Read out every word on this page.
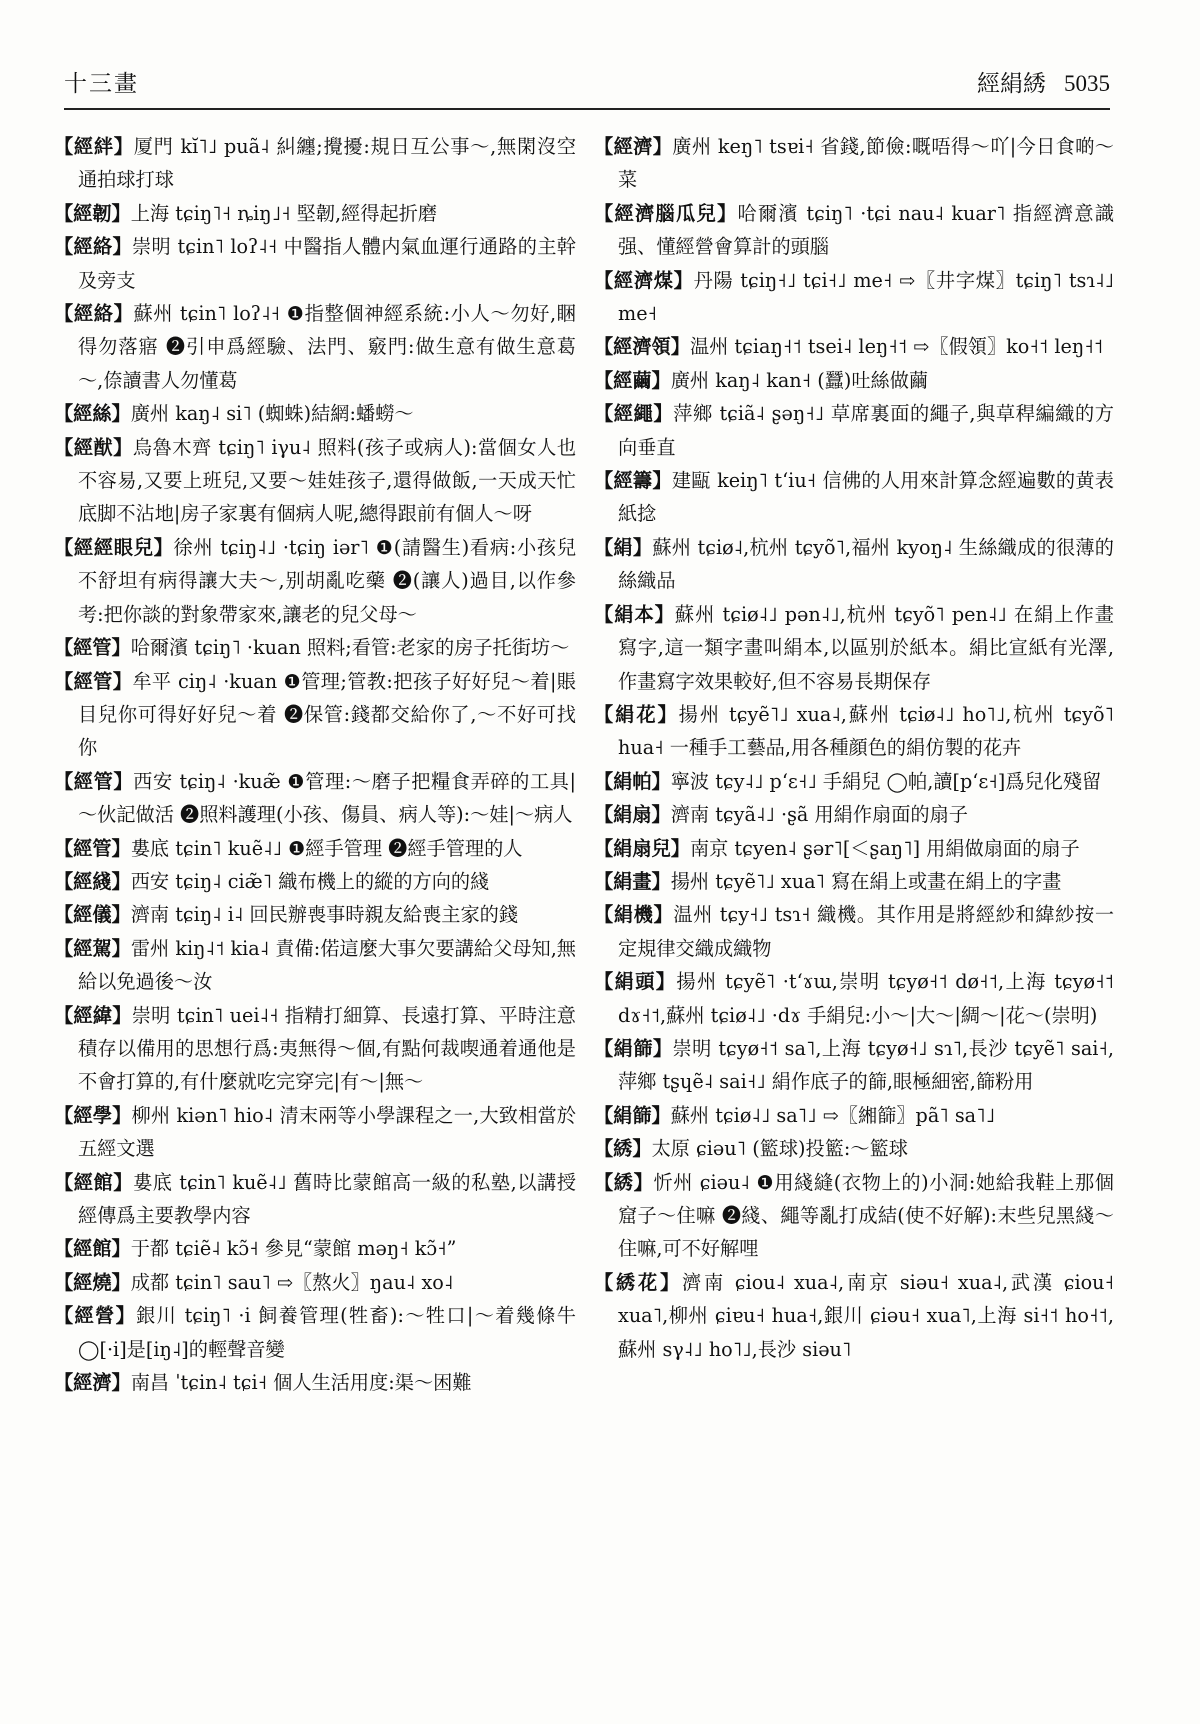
十三畫	經絹綉 5035

【經絆】厦門 kĭ˥˩ puã˨ 糾纏;攪擾:規日互公事～,無閑沒空通拍球打球

【經韌】上海 tɕiŋ˥˧ ȵiŋ˩˧ 堅韌,經得起折磨

【經絡】崇明 tɕin˥ loʔ˨˧ 中醫指人體内氣血運行通路的主幹及旁支

【經絡】蘇州 tɕin˥ loʔ˨˧ ❶指整個神經系統:小人～勿好,睏得勿落寤 ❷引申爲經驗、法門、竅門:做生意有做生意葛～,倷讀書人勿懂葛

【經絲】廣州 kaŋ˨ si˥ (蜘蛛)結網:蟠蟧～

【經猷】烏魯木齊 tɕiŋ˥ iγu˨ 照料(孩子或病人):當個女人也不容易,又要上班兒,又要～娃娃孩子,還得做飯,一天成天忙底脚不沾地|房子家裏有個病人呢,總得跟前有個人～呀

【經經眼兒】徐州 tɕiŋ˨˩ ·tɕiŋ iər˥ ❶(請醫生)看病:小孩兒不舒坦有病得讓大夫～,别胡亂吃藥 ❷(讓人)過目,以作參考:把你談的對象帶家來,讓老的兒父母～

【經管】哈爾濱 tɕiŋ˥ ·kuan 照料;看管:老家的房子托街坊～

【經管】牟平 ciŋ˨ ·kuan ❶管理;管教:把孩子好好兒～着|賬目兒你可得好好兒～着 ❷保管:錢都交給你了,～不好可找你

【經管】西安 tɕiŋ˨ ·kuæ̃ ❶管理:～磨子把糧食弄碎的工具|～伙記做活 ❷照料護理(小孩、傷員、病人等):～娃|～病人

【經管】婁底 tɕin˥ kuẽ˨˩ ❶經手管理 ❷經手管理的人

【經綫】西安 tɕiŋ˨ ciæ̃˥ 織布機上的縱的方向的綫

【經儀】濟南 tɕiŋ˨ i˨ 回民辦喪事時親友給喪主家的錢

【經駕】雷州 kiŋ˨˦ kia˨ 責備:偌這麼大事欠要講給父母知,無給以免過後～汝

【經緯】崇明 tɕin˥ uei˨˧ 指精打細算、長遠打算、平時注意積存以備用的思想行爲:夷無得～個,有點何裁喫通着通他是不會打算的,有什麼就吃完穿完|有～|無～

【經學】柳州 kiən˥ hio˨ 清末兩等小學課程之一,大致相當於五經文選

【經館】婁底 tɕin˥ kuẽ˨˩ 舊時比蒙館高一級的私塾,以講授經傳爲主要教學内容

【經館】于都 tɕiẽ˨ kɔ̃˧ 參見“蒙館 məŋ˧ kɔ̃˧”

【經燒】成都 tɕin˥ sau˥ ⇨〖熬火〗ŋau˨ xo˨

【經營】銀川 tɕiŋ˥ ·i 飼養管理(牲畜):～牲口|～着幾條牛 ◯[·i]是[iŋ˨]的輕聲音變

【經濟】南昌 ˈtɕin˨ tɕi˧ 個人生活用度:渠～困難

【經濟】廣州 keŋ˥ tsɐi˧ 省錢,節儉:嘅唔得～吖|今日食啲～菜

【經濟腦瓜兒】哈爾濱 tɕiŋ˥ ·tɕi nau˨ kuar˥ 指經濟意識强、懂經營會算計的頭腦

【經濟煤】丹陽 tɕiŋ˧˩ tɕi˧˩ me˧ ⇨〖井字煤〗tɕiŋ˥ tsɿ˨˩ me˧

【經濟領】温州 tɕiaŋ˧˦ tsei˨ leŋ˧˦ ⇨〖假領〗ko˧˦ leŋ˧˦

【經繭】廣州 kaŋ˨ kan˧ (蠶)吐絲做繭

【經繩】萍鄉 tɕiã˨ ʂəŋ˧˩ 草席裏面的繩子,與草稈編織的方向垂直

【經籌】建甌 keiŋ˥ tʻiu˧ 信佛的人用來計算念經遍數的黄表紙捻

【絹】蘇州 tɕiø˨,杭州 tɕyõ˥,福州 kyoŋ˨ 生絲織成的很薄的絲織品

【絹本】蘇州 tɕiø˨˩ pən˨˩,杭州 tɕyõ˥ pen˨˩ 在絹上作畫寫字,這一類字畫叫絹本,以區别於紙本。絹比宣紙有光澤,作畫寫字效果較好,但不容易長期保存

【絹花】揚州 tɕyẽ˥˩ xua˨,蘇州 tɕiø˨˩ ho˥˩,杭州 tɕyõ˥ hua˧ 一種手工藝品,用各種顔色的絹仿製的花卉

【絹帕】寧波 tɕy˨˩ pʻɛ˧˩ 手絹兒 ◯帕,讀[pʻɛ˧]爲兒化殘留

【絹扇】濟南 tɕyã˨˩ ·ʂã 用絹作扇面的扇子

【絹扇兒】南京 tɕyen˨ ʂər˥[＜ʂaŋ˥] 用絹做扇面的扇子

【絹畫】揚州 tɕyẽ˥˩ xua˥ 寫在絹上或畫在絹上的字畫

【絹機】温州 tɕy˧˩ tsɿ˧ 織機。其作用是將經紗和緯紗按一定規律交織成織物

【絹頭】揚州 tɕyẽ˥ ·tʻɤɯ,崇明 tɕyø˧˦ dø˧˦,上海 tɕyø˧˦ dɤ˧˦,蘇州 tɕiø˨˩ ·dɤ 手絹兒:小～|大～|綢～|花～(崇明)

【絹篩】崇明 tɕyø˧˦ sa˥,上海 tɕyø˧˩ sɿ˥,長沙 tɕyẽ˥ sai˧,萍鄉 tʂɥẽ˨ sai˧˩ 絹作底子的篩,眼極細密,篩粉用

【絹篩】蘇州 tɕiø˨˩ sa˥˩ ⇨〖緗篩〗pã˥ sa˥˩

【綉】太原 ɕiəu˥ (籃球)投籃:～籃球

【綉】忻州 ɕiəu˨ ❶用綫縫(衣物上的)小洞:她給我鞋上那個窟子～住嘛 ❷綫、繩等亂打成結(使不好解):末些兒黑綫～住嘛,可不好解哩

【綉花】濟南 ɕiou˨ xua˨,南京 siəu˧ xua˨,武漢 ɕiou˧ xua˥,柳州 ɕiɐu˧ hua˧,銀川 ɕiəu˧ xua˥,上海 si˧˦ ho˧˦,蘇州 sγ˨˩ ho˥˩,長沙 siəu˥
